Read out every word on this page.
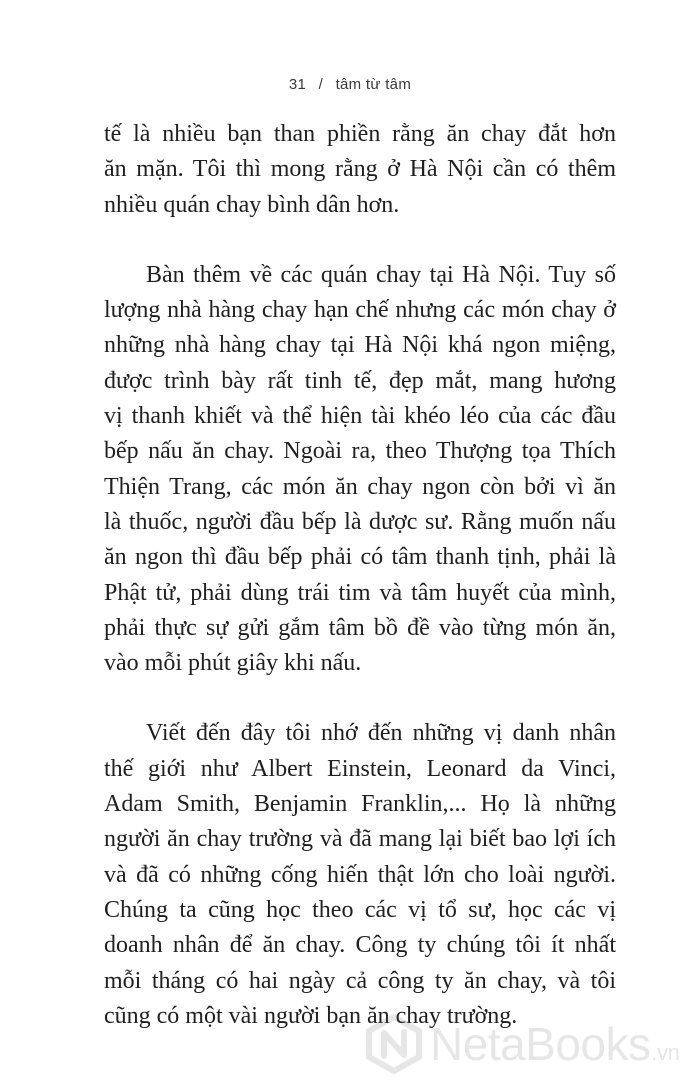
31 / tâm từ tâm

tế là nhiều bạn than phiền rằng ăn chay đắt hơn
ăn mặn. Tôi thì mong rằng ở Hà Nội cần có thêm
nhiều quán chay bình dân hơn.

Bàn thêm về các quán chay tại Hà Nội. Tuy số
lượng nhà hàng chay hạn chế nhưng các món chay ở
những nhà hàng chay tại Hà Nội khá ngon miệng,
được trình bày rất tinh tế, đẹp mắt, mang hương
vị thanh khiết và thể hiện tài khéo léo của các đầu
bếp nấu ăn chay. Ngoài ra, theo Thượng tọa Thích
Thiện Trang, các món ăn chay ngon còn bởi vì ăn
là thuốc, người đầu bếp là dược sư. Rằng muốn nấu
ăn ngon thì đầu bếp phải có tâm thanh tịnh, phải là
Phật tử, phải dùng trái tim và tâm huyết của mình,
phải thực sự gửi gắm tâm bồ đề vào từng món ăn,
vào mỗi phút giây khi nấu.

Viết đến đây tôi nhớ đến những vị danh nhân
thế giới như Albert Einstein, Leonard da Vinci,
Adam Smith, Benjamin Franklin,... Họ là những
người ăn chay trường và đã mang lại biết bao lợi ích
và đã có những cống hiến thật lớn cho loài người.
Chúng ta cũng học theo các vị tổ sư, học các vị
doanh nhân để ăn chay. Công ty chúng tôi ít nhất
mỗi tháng có hai ngày cả công ty ăn chay, và tôi
cũng có một vài người bạn ăn chay trường.

NetaBooks.vn
